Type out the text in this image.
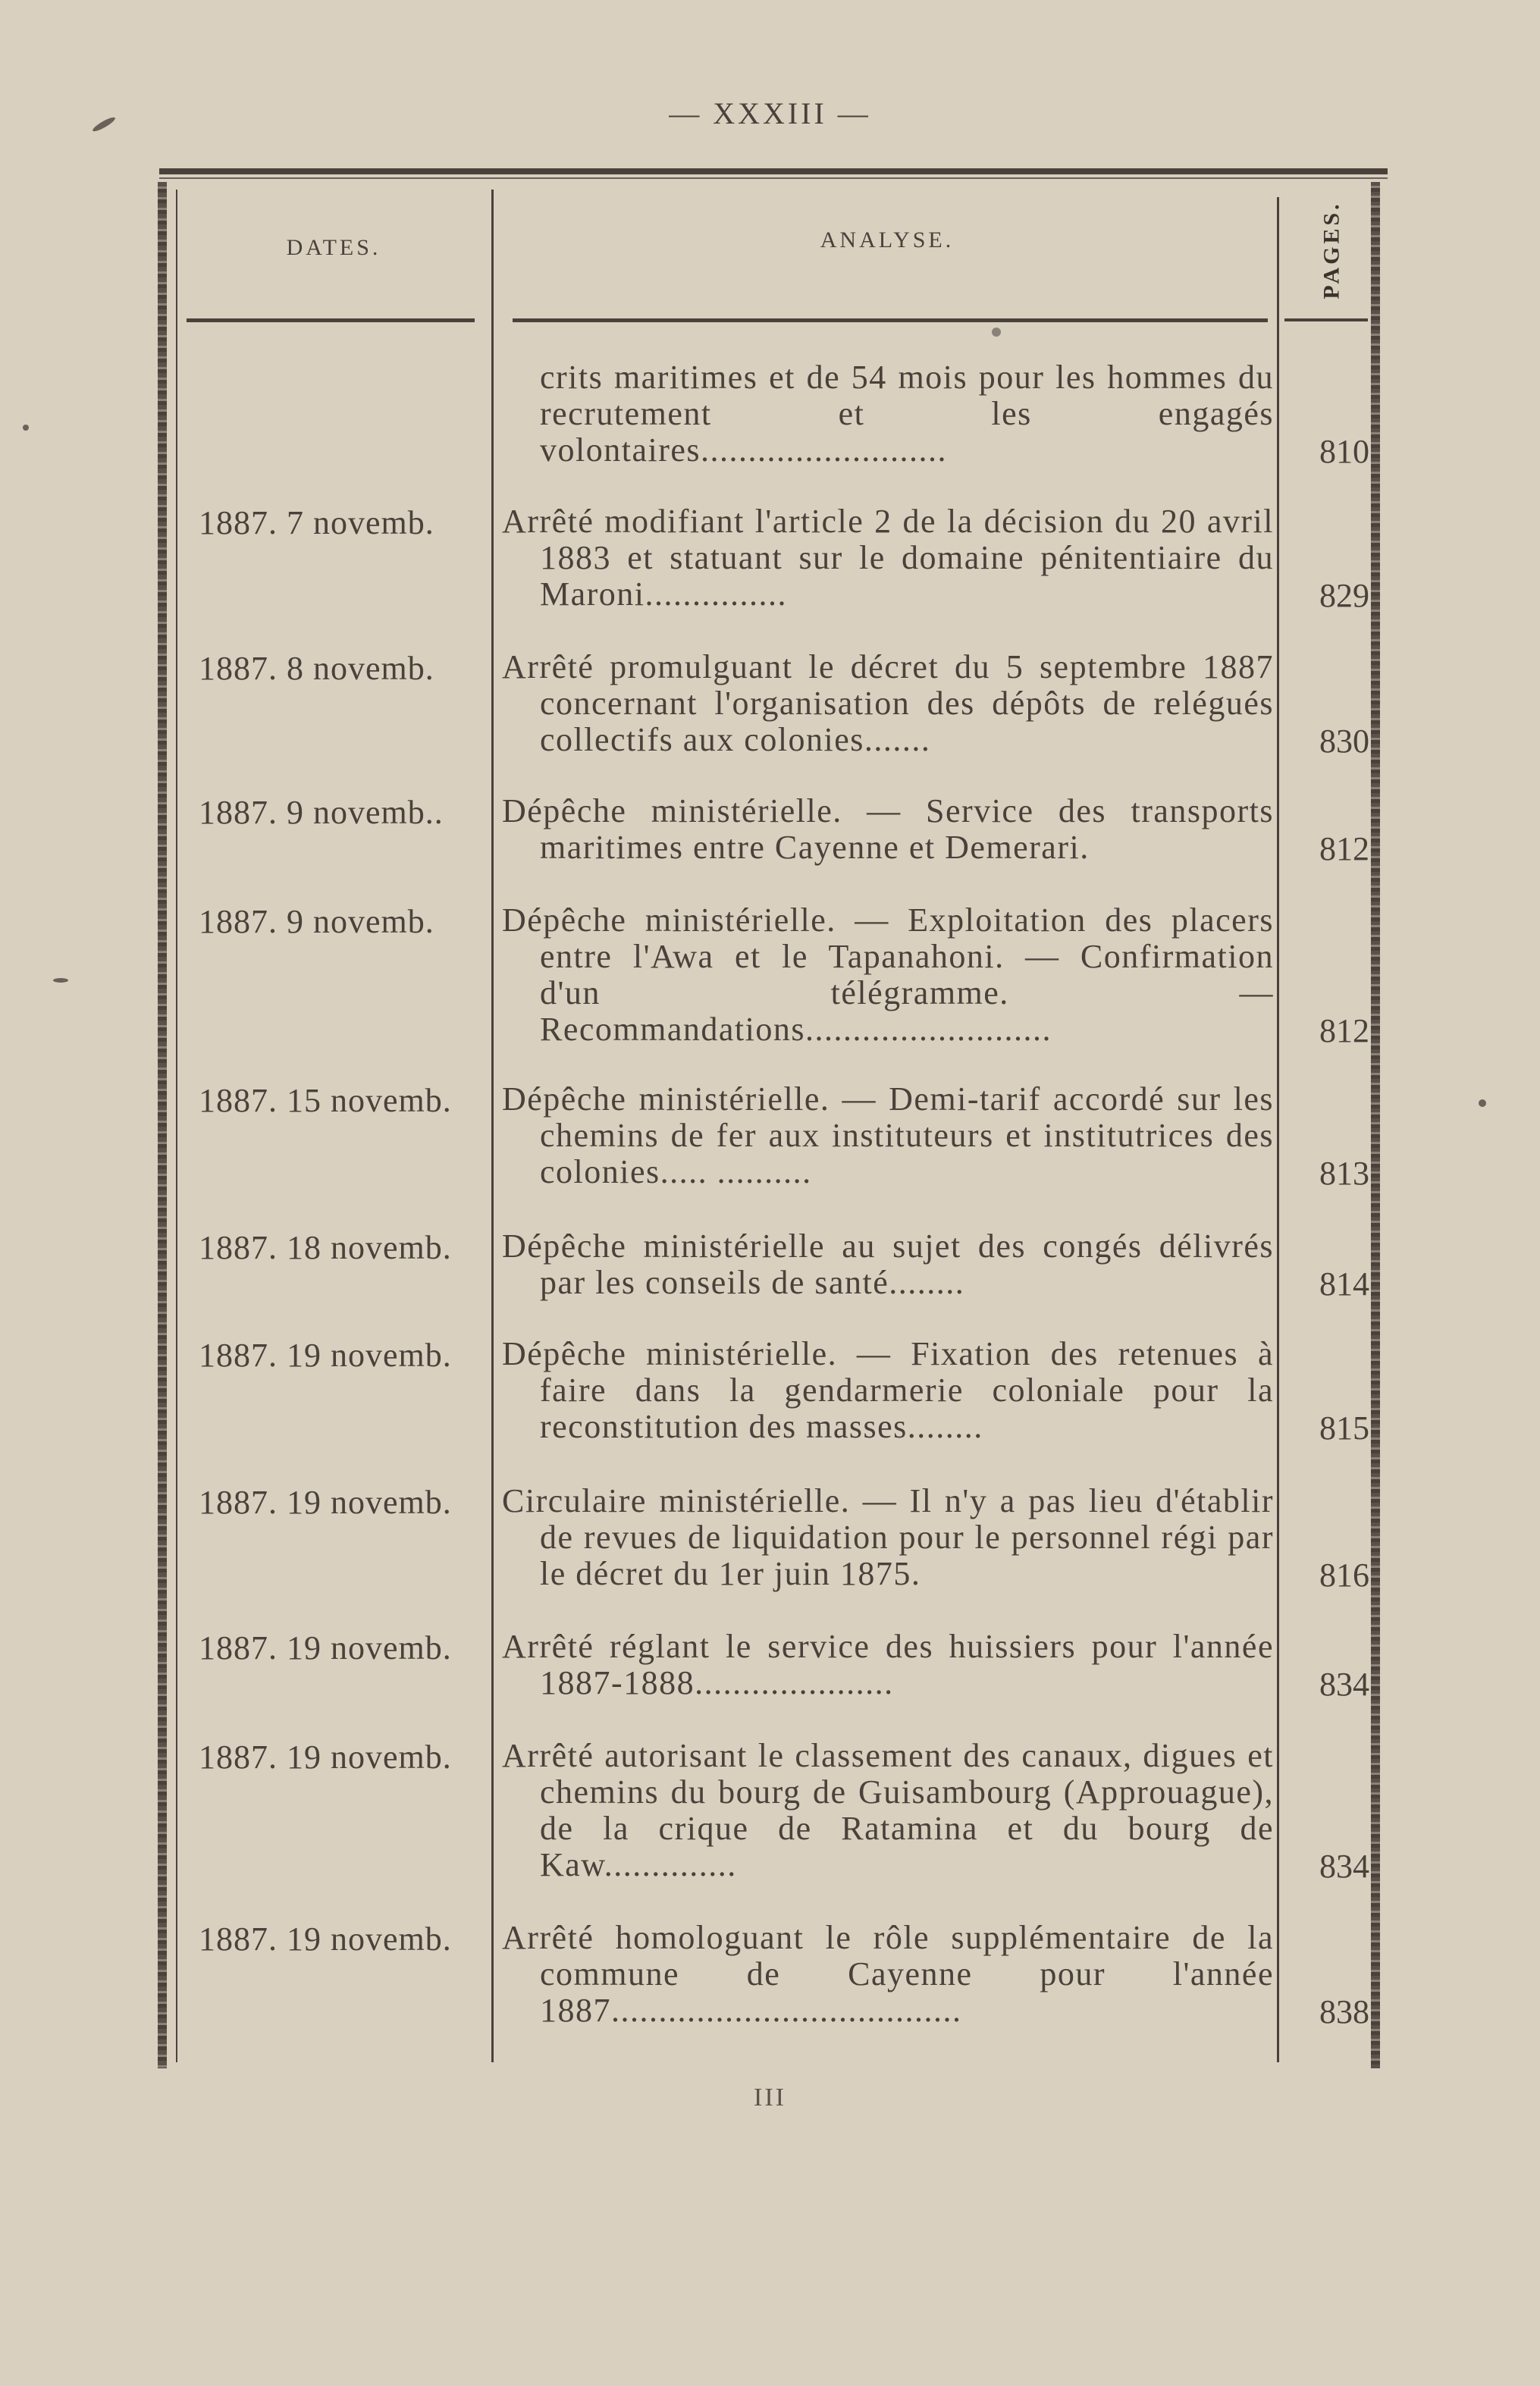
— XXXIII —
DATES.	ANALYSE.	PAGES.
crits maritimes et de 54 mois pour les hommes du recrutement et les engagés volontaires..........................	810
1887. 7 novemb. Arrêté modifiant l'article 2 de la décision du 20 avril 1883 et statuant sur le domaine pénitentiaire du Maroni...............	829
1887. 8 novemb. Arrêté promulguant le décret du 5 septembre 1887 concernant l'organisation des dépôts de relégués collectifs aux colonies.......	830
1887. 9 novemb.. Dépêche ministérielle. — Service des transports maritimes entre Cayenne et Demerari.	812
1887. 9 novemb. Dépêche ministérielle. — Exploitation des placers entre l'Awa et le Tapanahoni. — Confirmation d'un télégramme. — Recommandations..........................	812
1887. 15 novemb. Dépêche ministérielle. — Demi-tarif accordé sur les chemins de fer aux instituteurs et institutrices des colonies..... ..........	813
1887. 18 novemb. Dépêche ministérielle au sujet des congés délivrés par les conseils de santé........	814
1887. 19 novemb. Dépêche ministérielle. — Fixation des retenues à faire dans la gendarmerie coloniale pour la reconstitution des masses........	815
1887. 19 novemb. Circulaire ministérielle. — Il n'y a pas lieu d'établir de revues de liquidation pour le personnel régi par le décret du 1er juin 1875.	816
1887. 19 novemb. Arrêté réglant le service des huissiers pour l'année 1887-1888.....................	834
1887. 19 novemb. Arrêté autorisant le classement des canaux, digues et chemins du bourg de Guisambourg (Approuague), de la crique de Ratamina et du bourg de Kaw..............	834
1887. 19 novemb. Arrêté homologuant le rôle supplémentaire de la commune de Cayenne pour l'année 1887.....................................	838
III
